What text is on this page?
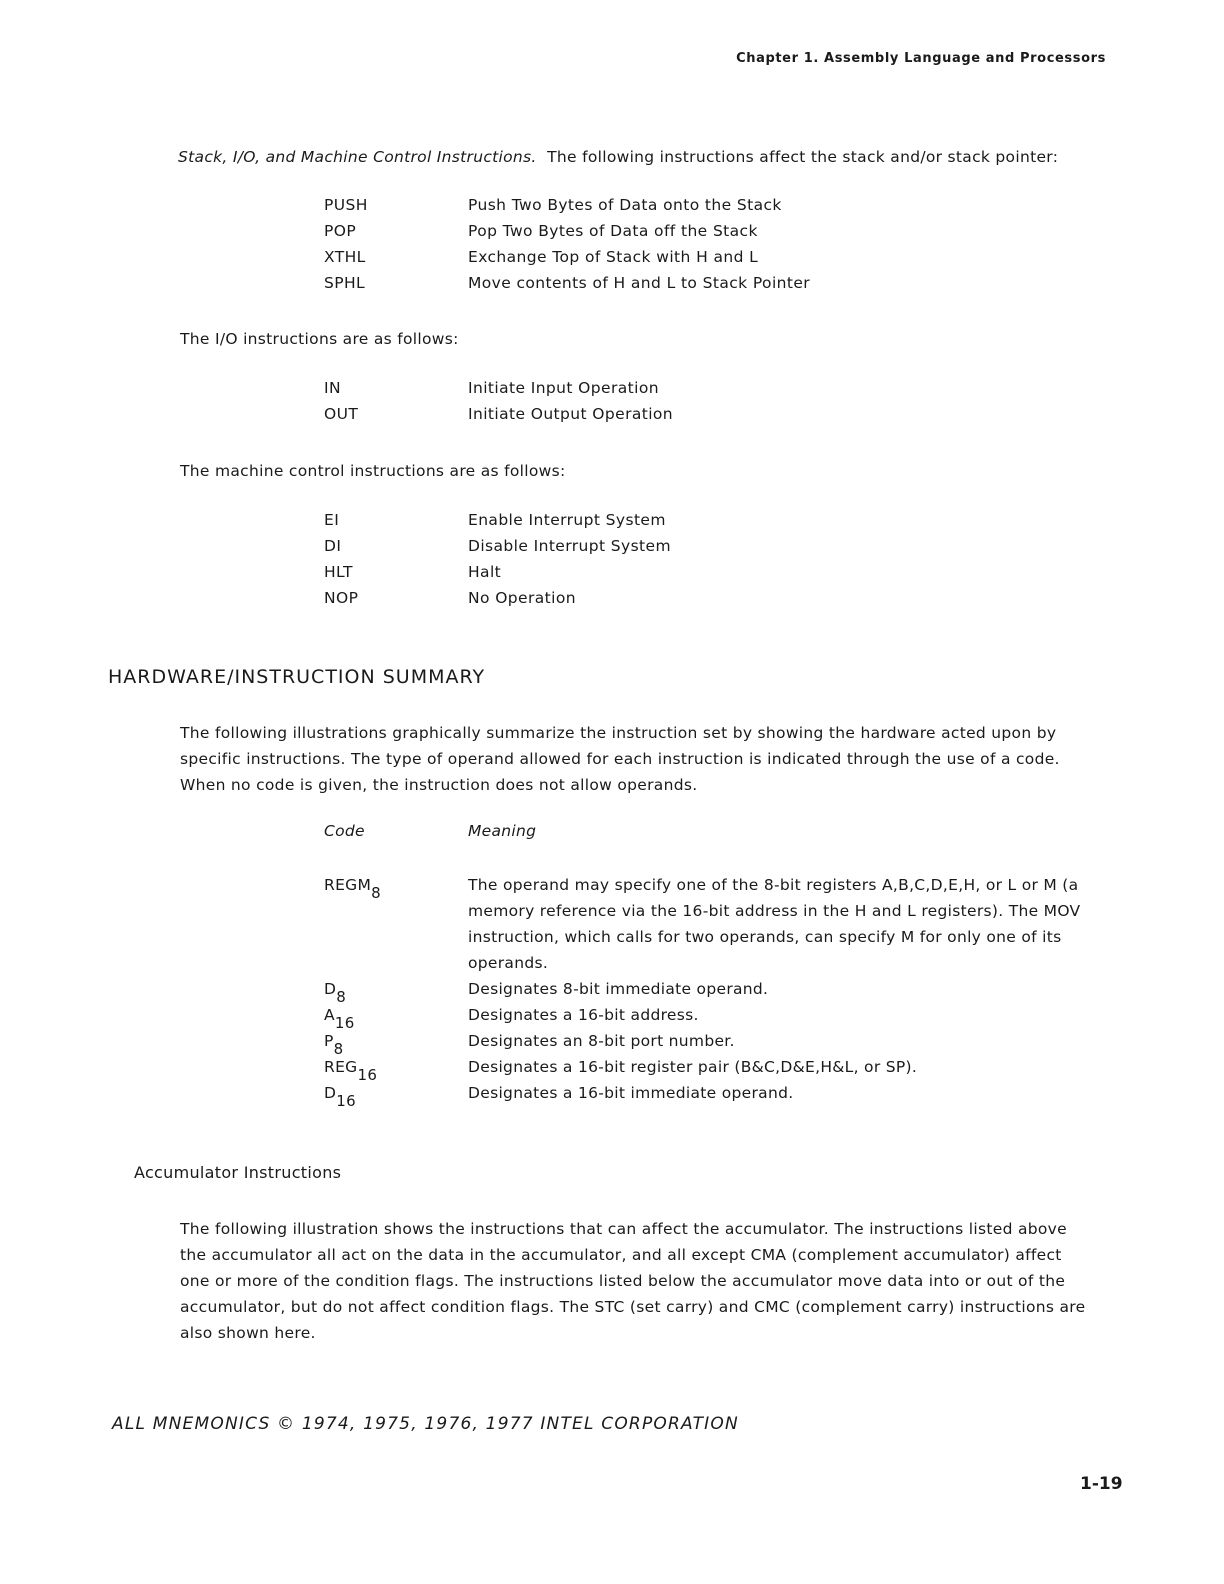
Chapter 1. Assembly Language and Processors
Stack, I/O, and Machine Control Instructions. The following instructions affect the stack and/or stack pointer:
PUSH	Push Two Bytes of Data onto the Stack
POP	Pop Two Bytes of Data off the Stack
XTHL	Exchange Top of Stack with H and L
SPHL	Move contents of H and L to Stack Pointer
The I/O instructions are as follows:
IN	Initiate Input Operation
OUT	Initiate Output Operation
The machine control instructions are as follows:
EI	Enable Interrupt System
DI	Disable Interrupt System
HLT	Halt
NOP	No Operation
HARDWARE/INSTRUCTION SUMMARY
The following illustrations graphically summarize the instruction set by showing the hardware acted upon by specific instructions. The type of operand allowed for each instruction is indicated through the use of a code. When no code is given, the instruction does not allow operands.
Code	Meaning
$REGM_8$	The operand may specify one of the 8-bit registers A,B,C,D,E,H, or L or M (a memory reference via the 16-bit address in the H and L registers). The MOV instruction, which calls for two operands, can specify M for only one of its operands.
$D_8$	Designates 8-bit immediate operand.
$A_{16}$	Designates a 16-bit address.
$P_8$	Designates an 8-bit port number.
$REG_{16}$	Designates a 16-bit register pair (B&C,D&E,H&L, or SP).
$D_{16}$	Designates a 16-bit immediate operand.
Accumulator Instructions
The following illustration shows the instructions that can affect the accumulator. The instructions listed above the accumulator all act on the data in the accumulator, and all except CMA (complement accumulator) affect one or more of the condition flags. The instructions listed below the accumulator move data into or out of the accumulator, but do not affect condition flags. The STC (set carry) and CMC (complement carry) instructions are also shown here.
ALL MNEMONICS © 1974, 1975, 1976, 1977 INTEL CORPORATION
1-19
